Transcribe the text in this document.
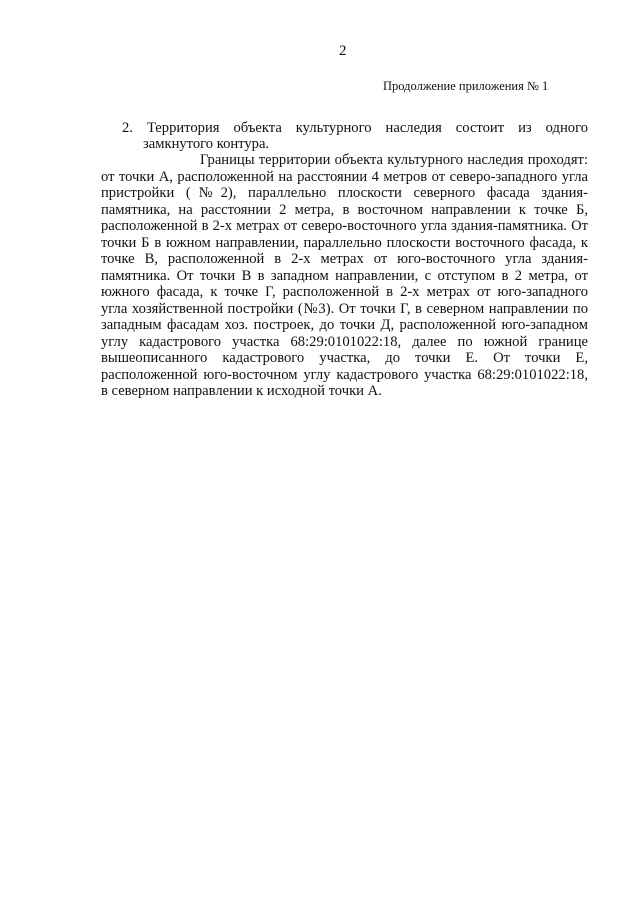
2
Продолжение приложения № 1
2. Территория объекта культурного наследия состоит из одного
замкнутого контура.
Границы территории объекта культурного наследия проходят:
от точки А, расположенной на расстоянии 4 метров от северо-западного угла
пристройки (№2), параллельно плоскости северного фасада здания-
памятника, на расстоянии 2 метра, в восточном направлении к точке Б,
расположенной в 2-х метрах от северо-восточного угла здания-памятника. От
точки Б в южном направлении, параллельно плоскости восточного фасада, к
точке В, расположенной в 2-х метрах от юго-восточного угла здания-
памятника. От точки В в западном направлении, с отступом в 2 метра, от
южного фасада, к точке Г, расположенной в 2-х метрах от юго-западного
угла хозяйственной постройки (№3). От точки Г, в северном направлении по
западным фасадам хоз. построек, до точки Д, расположенной юго-западном
углу кадастрового участка 68:29:0101022:18, далее по южной границе
вышеописанного кадастрового участка, до точки Е. От точки Е,
расположенной юго-восточном углу кадастрового участка 68:29:0101022:18,
в северном направлении к исходной точки А.
